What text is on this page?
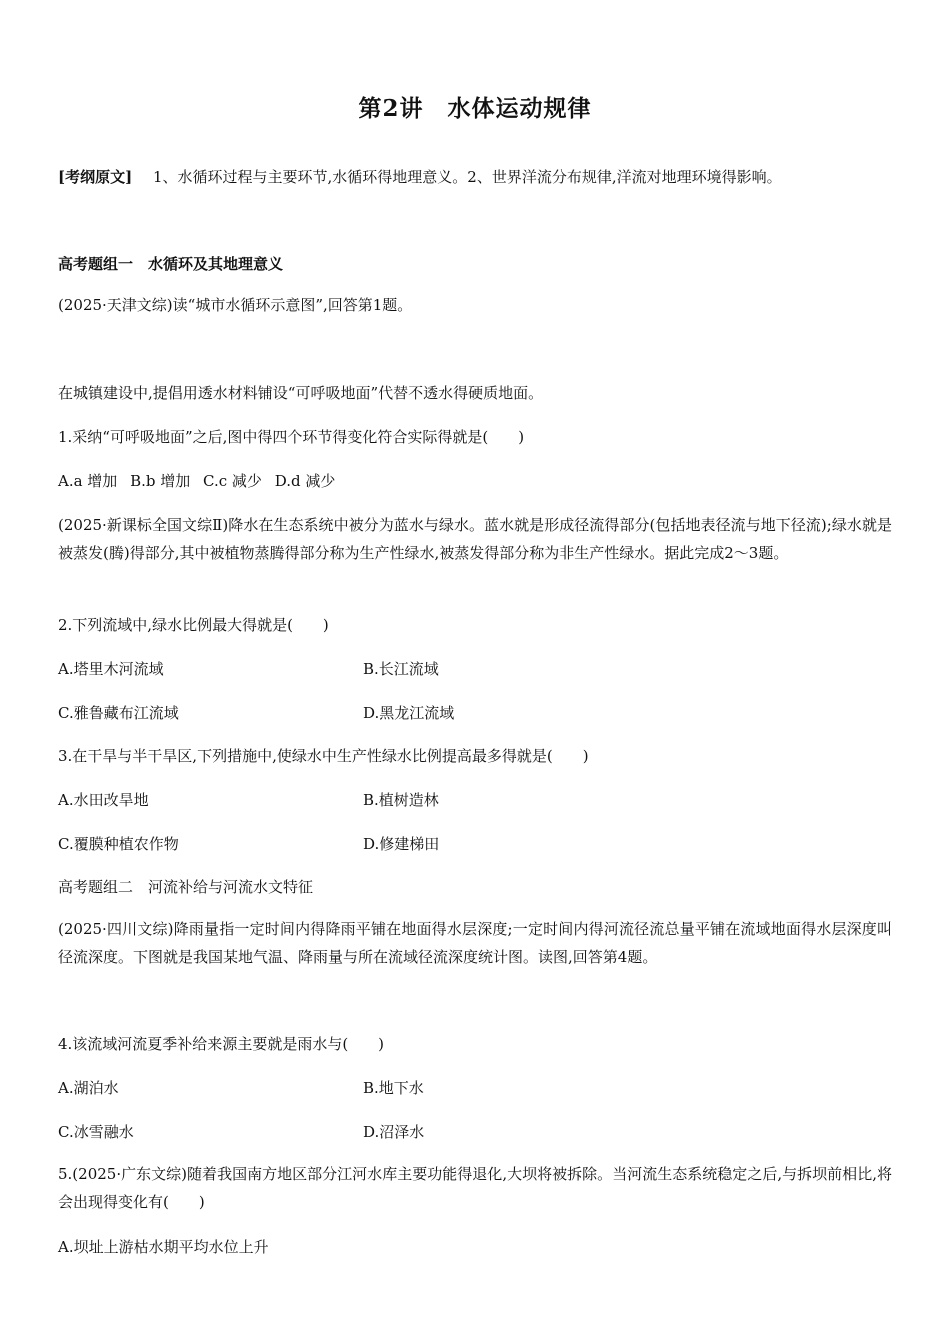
第2讲　水体运动规律
[考纲原文] 1、水循环过程与主要环节,水循环得地理意义。2、世界洋流分布规律,洋流对地理环境得影响。
高考题组一　水循环及其地理意义
(2025·天津文综)读“城市水循环示意图”,回答第1题。
在城镇建设中,提倡用透水材料铺设“可呼吸地面”代替不透水得硬质地面。
1.采纳“可呼吸地面”之后,图中得四个环节得变化符合实际得就是(　　)
A.a 增加 B.b 增加 C.c 减少 D.d 减少
(2025·新课标全国文综Ⅱ)降水在生态系统中被分为蓝水与绿水。蓝水就是形成径流得部分(包括地表径流与地下径流);绿水就是被蒸发(腾)得部分,其中被植物蒸腾得部分称为生产性绿水,被蒸发得部分称为非生产性绿水。据此完成2～3题。
2.下列流域中,绿水比例最大得就是(　　)
A.塔里木河流域	B.长江流域
C.雅鲁藏布江流域	D.黑龙江流域
3.在干旱与半干旱区,下列措施中,使绿水中生产性绿水比例提高最多得就是(　　)
A.水田改旱地	B.植树造林
C.覆膜种植农作物	D.修建梯田
高考题组二　河流补给与河流水文特征
(2025·四川文综)降雨量指一定时间内得降雨平铺在地面得水层深度;一定时间内得河流径流总量平铺在流域地面得水层深度叫径流深度。下图就是我国某地气温、降雨量与所在流域径流深度统计图。读图,回答第4题。
4.该流域河流夏季补给来源主要就是雨水与(　　)
A.湖泊水	B.地下水
C.冰雪融水	D.沼泽水
5.(2025·广东文综)随着我国南方地区部分江河水库主要功能得退化,大坝将被拆除。当河流生态系统稳定之后,与拆坝前相比,将会出现得变化有(　　)
A.坝址上游枯水期平均水位上升
